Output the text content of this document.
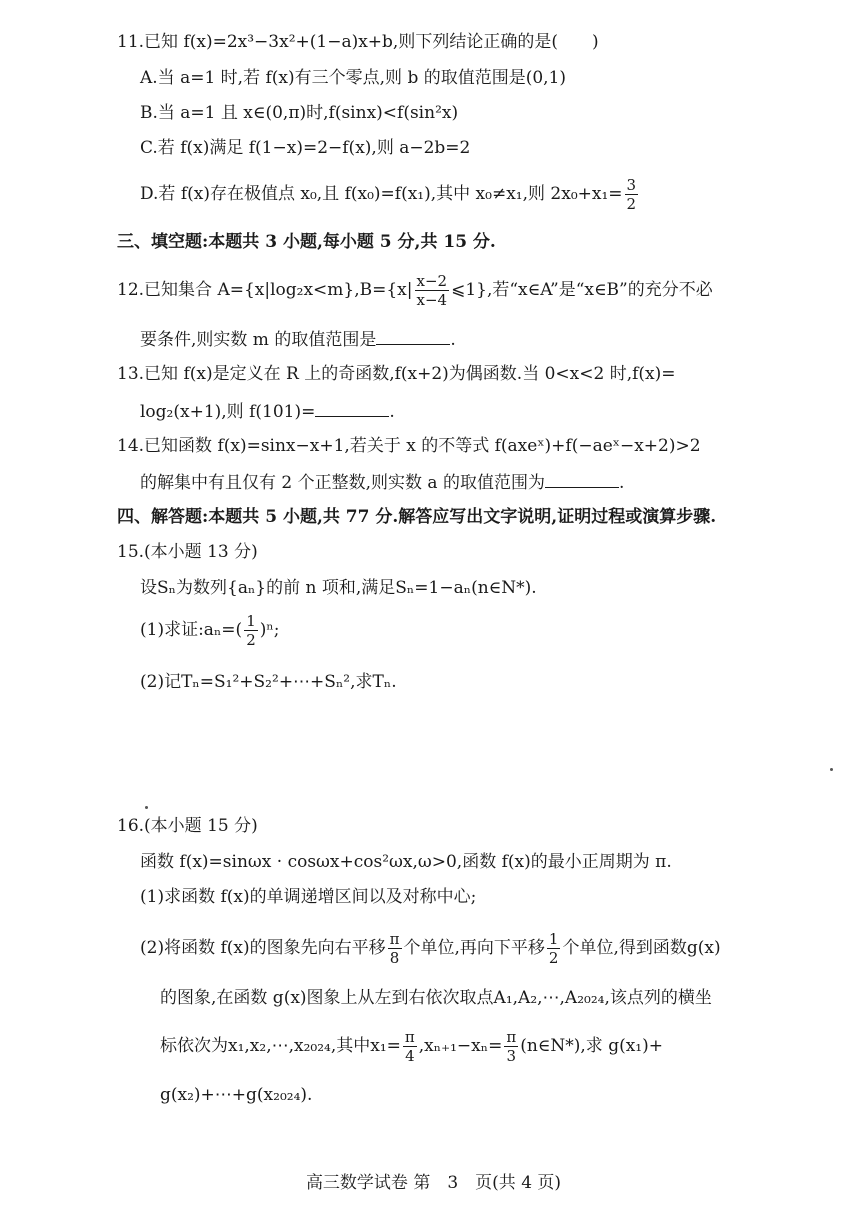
11.已知 f(x)=2x³−3x²+(1−a)x+b,则下列结论正确的是(　　)
A.当 a=1 时,若 f(x)有三个零点,则 b 的取值范围是(0,1)
B.当 a=1 且 x∈(0,π)时,f(sinx)<f(sin²x)
C.若 f(x)满足 f(1−x)=2−f(x),则 a−2b=2
D.若 f(x)存在极值点 x₀,且 f(x₀)=f(x₁),其中 x₀≠x₁,则 $2x_0+x_1= \frac{3}{2}$
三、填空题:本题共 3 小题,每小题 5 分,共 15 分.
12.已知集合 $A=\{x|\log_2x<m\},B=\{x| \frac{x-2}{x-4}$ ⩽1},若“x∈A”是“x∈B”的充分不必
要条件,则实数 m 的取值范围是	.
13.已知 f(x)是定义在 R 上的奇函数,f(x+2)为偶函数.当 0<x<2 时,f(x)=
log₂(x+1),则 f(101)=	.
14.已知函数 f(x)=sinx−x+1,若关于 x 的不等式 f(axeˣ)+f(−aeˣ−x+2)>2
的解集中有且仅有 2 个正整数,则实数 a 的取值范围为	.
四、解答题:本题共 5 小题,共 77 分.解答应写出文字说明,证明过程或演算步骤.
15.(本小题 13 分)
设Sₙ为数列{aₙ}的前 n 项和,满足Sₙ=1−aₙ(n∈N*).
(1)求证:aₙ=( $\frac{1}{2} )^n$;
(2)记Tₙ=S₁²+S₂²+⋯+Sₙ²,求Tₙ.
16.(本小题 15 分)
函数 f(x)=sinωx · cosωx+cos²ωx,ω>0,函数 f(x)的最小正周期为 π.
(1)求函数 f(x)的单调递增区间以及对称中心;
(2)将函数 f(x)的图象先向右平移 $\frac{\pi}{8}$ 个单位,再向下平移 $\frac{1}{2}$ 个单位,得到函数g(x)
的图象,在函数 g(x)图象上从左到右依次取点A₁,A₂,⋯,A₂₀₂₄,该点列的横坐
标依次为x₁,x₂,⋯,x₂₀₂₄,其中$x_1= \frac{\pi}{4} ,x_{n+1}-x_n= \frac{\pi}{3}$ (n∈N*),求 g(x₁)+
g(x₂)+⋯+g(x₂₀₂₄).
高三数学试卷 第　3　页(共 4 页)
